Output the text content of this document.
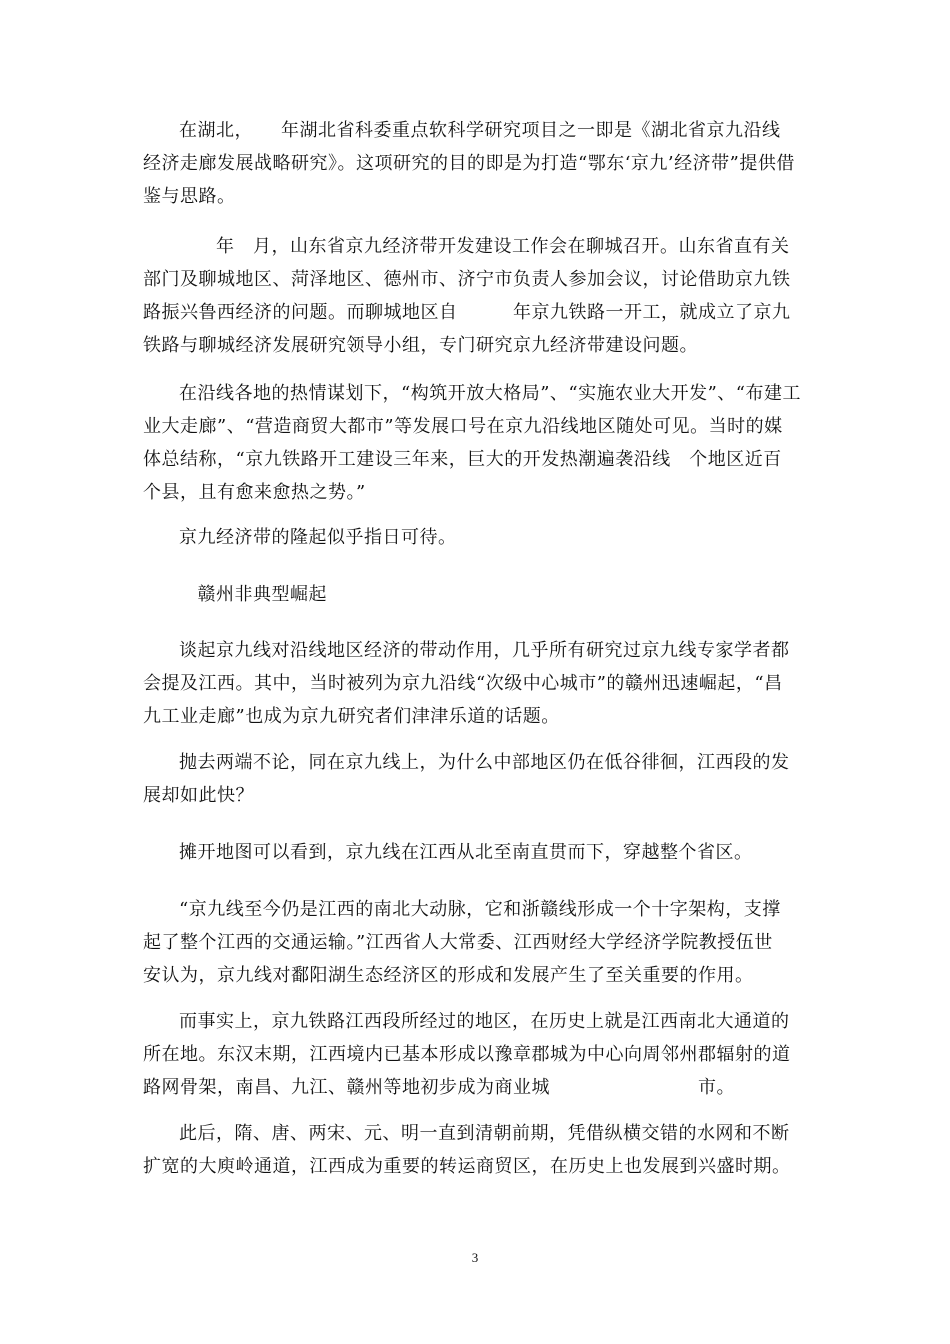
在湖北，　　年湖北省科委重点软科学研究项目之一即是《湖北省京九沿线
经济走廊发展战略研究》。这项研究的目的即是为打造“鄂东‘京九’经济带”提供借
鉴与思路。

　　年　月，山东省京九经济带开发建设工作会在聊城召开。山东省直有关
部门及聊城地区、菏泽地区、德州市、济宁市负责人参加会议，讨论借助京九铁
路振兴鲁西经济的问题。而聊城地区自　　　年京九铁路一开工，就成立了京九
铁路与聊城经济发展研究领导小组，专门研究京九经济带建设问题。

在沿线各地的热情谋划下，“构筑开放大格局”、“实施农业大开发”、“布建工
业大走廊”、“营造商贸大都市”等发展口号在京九沿线地区随处可见。当时的媒
体总结称，“京九铁路开工建设三年来，巨大的开发热潮遍袭沿线　个地区近百
个县，且有愈来愈热之势。”

京九经济带的隆起似乎指日可待。

　赣州非典型崛起

谈起京九线对沿线地区经济的带动作用，几乎所有研究过京九线专家学者都
会提及江西。其中，当时被列为京九沿线“次级中心城市”的赣州迅速崛起，“昌
九工业走廊”也成为京九研究者们津津乐道的话题。

抛去两端不论，同在京九线上，为什么中部地区仍在低谷徘徊，江西段的发
展却如此快？

摊开地图可以看到，京九线在江西从北至南直贯而下，穿越整个省区。

“京九线至今仍是江西的南北大动脉，它和浙赣线形成一个十字架构，支撑
起了整个江西的交通运输。”江西省人大常委、江西财经大学经济学院教授伍世
安认为，京九线对鄱阳湖生态经济区的形成和发展产生了至关重要的作用。

而事实上，京九铁路江西段所经过的地区，在历史上就是江西南北大通道的
所在地。东汉末期，江西境内已基本形成以豫章郡城为中心向周邻州郡辐射的道
路网骨架，南昌、九江、赣州等地初步成为商业城　　　　　　　　市。

此后，隋、唐、两宋、元、明一直到清朝前期，凭借纵横交错的水网和不断
扩宽的大庾岭通道，江西成为重要的转运商贸区，在历史上也发展到兴盛时期。

3
